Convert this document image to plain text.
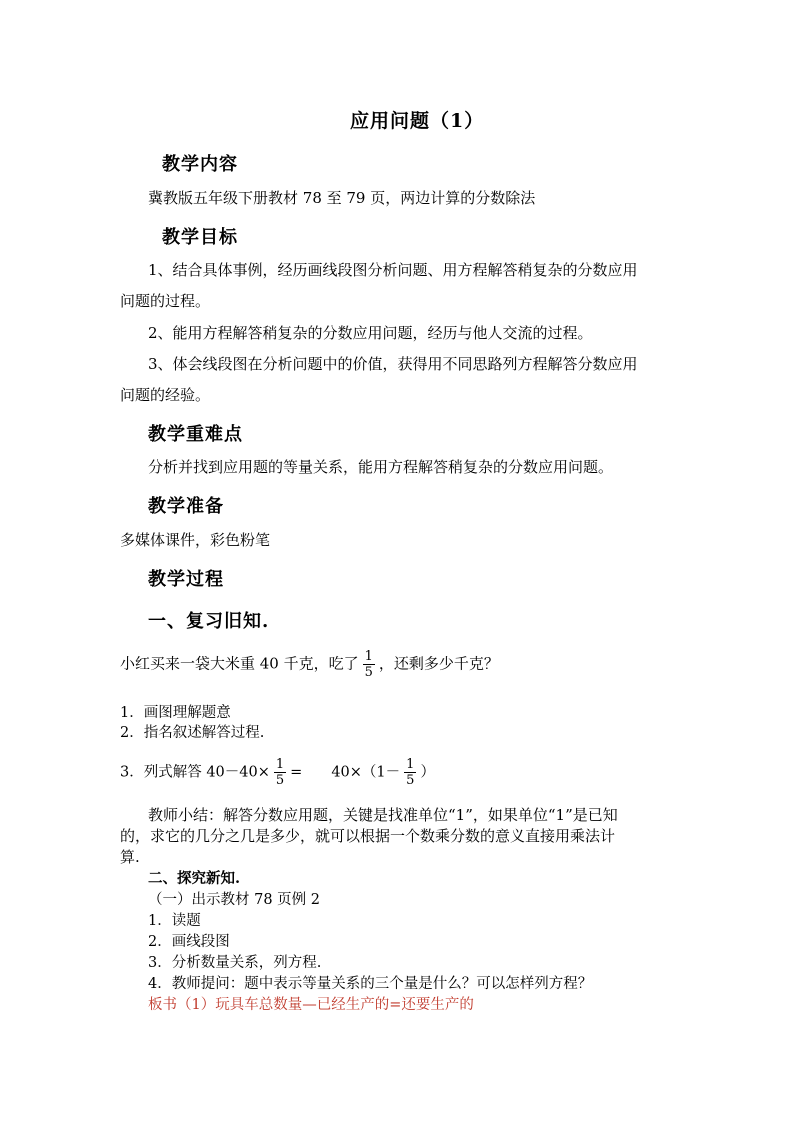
应用问题（1）
教学内容
冀教版五年级下册教材 78 至 79 页，两边计算的分数除法
教学目标
1、结合具体事例，经历画线段图分析问题、用方程解答稍复杂的分数应用
问题的过程。
2、能用方程解答稍复杂的分数应用问题，经历与他人交流的过程。
3、体会线段图在分析问题中的价值，获得用不同思路列方程解答分数应用
问题的经验。
教学重难点
分析并找到应用题的等量关系，能用方程解答稍复杂的分数应用问题。
教学准备
多媒体课件，彩色粉笔
教学过程
一、复习旧知.
小红买来一袋大米重 40 千克，吃了 $\frac{1}{5}$ ，还剩多少千克？
1．画图理解题意
2．指名叙述解答过程.
3．列式解答 $40-40\times \frac{1}{5}$ =　　$40\times(1- \frac{1}{5}$ ）
教师小结：解答分数应用题，关键是找准单位“1”，如果单位“1”是已知
的，求它的几分之几是多少，就可以根据一个数乘分数的意义直接用乘法计
算.
二、探究新知.
（一）出示教材 78 页例 2
1．读题
2．画线段图
3．分析数量关系，列方程.
4．教师提问：题中表示等量关系的三个量是什么？可以怎样列方程？
板书（1）玩具车总数量—已经生产的=还要生产的
